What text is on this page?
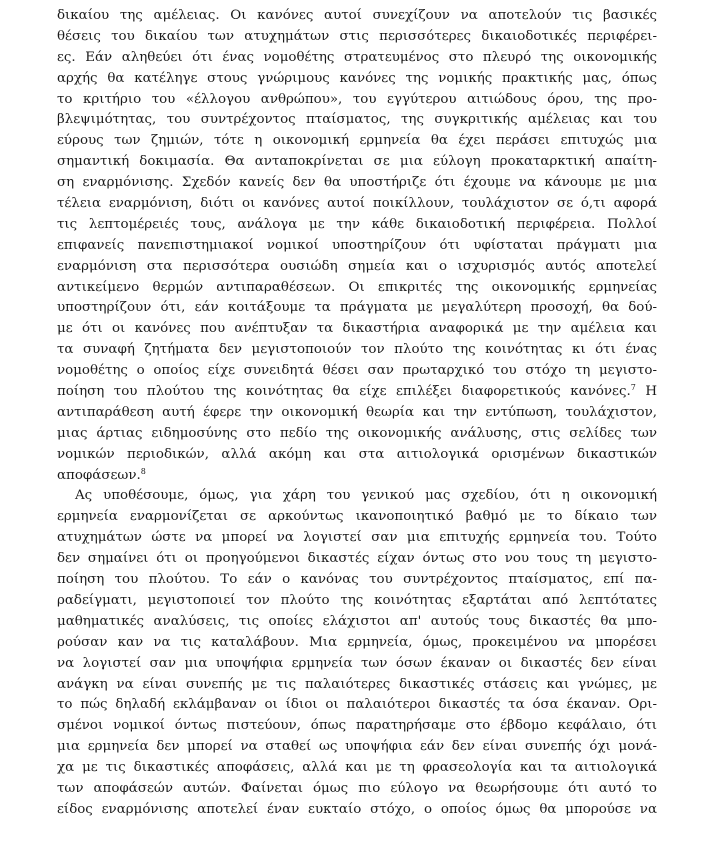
δικαίου της αμέλειας. Οι κανόνες αυτοί συνεχίζουν να αποτελούν τις βασικές
θέσεις του δικαίου των ατυχημάτων στις περισσότερες δικαιοδοτικές περιφέρει-
ες. Εάν αληθεύει ότι ένας νομοθέτης στρατευμένος στο πλευρό της οικονομικής
αρχής θα κατέληγε στους γνώριμους κανόνες της νομικής πρακτικής μας, όπως
το κριτήριο του «έλλογου ανθρώπου», του εγγύτερου αιτιώδους όρου, της προ-
βλεψιμότητας, του συντρέχοντος πταίσματος, της συγκριτικής αμέλειας και του
εύρους των ζημιών, τότε η οικονομική ερμηνεία θα έχει περάσει επιτυχώς μια
σημαντική δοκιμασία. Θα ανταποκρίνεται σε μια εύλογη προκαταρκτική απαίτη-
ση εναρμόνισης. Σχεδόν κανείς δεν θα υποστήριζε ότι έχουμε να κάνουμε με μια
τέλεια εναρμόνιση, διότι οι κανόνες αυτοί ποικίλλουν, τουλάχιστον σε ό,τι αφορά
τις λεπτομέρειές τους, ανάλογα με την κάθε δικαιοδοτική περιφέρεια. Πολλοί
επιφανείς πανεπιστημιακοί νομικοί υποστηρίζουν ότι υφίσταται πράγματι μια
εναρμόνιση στα περισσότερα ουσιώδη σημεία και ο ισχυρισμός αυτός αποτελεί
αντικείμενο θερμών αντιπαραθέσεων. Οι επικριτές της οικονομικής ερμηνείας
υποστηρίζουν ότι, εάν κοιτάξουμε τα πράγματα με μεγαλύτερη προσοχή, θα δού-
με ότι οι κανόνες που ανέπτυξαν τα δικαστήρια αναφορικά με την αμέλεια και
τα συναφή ζητήματα δεν μεγιστοποιούν τον πλούτο της κοινότητας κι ότι ένας
νομοθέτης ο οποίος είχε συνειδητά θέσει σαν πρωταρχικό του στόχο τη μεγιστο-
ποίηση του πλούτου της κοινότητας θα είχε επιλέξει διαφορετικούς κανόνες.$^7$ Η
αντιπαράθεση αυτή έφερε την οικονομική θεωρία και την εντύπωση, τουλάχιστον,
μιας άρτιας ειδημοσύνης στο πεδίο της οικονομικής ανάλυσης, στις σελίδες των
νομικών περιοδικών, αλλά ακόμη και στα αιτιολογικά ορισμένων δικαστικών
αποφάσεων.$^8$
Ας υποθέσουμε, όμως, για χάρη του γενικού μας σχεδίου, ότι η οικονομική
ερμηνεία εναρμονίζεται σε αρκούντως ικανοποιητικό βαθμό με το δίκαιο των
ατυχημάτων ώστε να μπορεί να λογιστεί σαν μια επιτυχής ερμηνεία του. Τούτο
δεν σημαίνει ότι οι προηγούμενοι δικαστές είχαν όντως στο νου τους τη μεγιστο-
ποίηση του πλούτου. Το εάν ο κανόνας του συντρέχοντος πταίσματος, επί πα-
ραδείγματι, μεγιστοποιεί τον πλούτο της κοινότητας εξαρτάται από λεπτότατες
μαθηματικές αναλύσεις, τις οποίες ελάχιστοι απ' αυτούς τους δικαστές θα μπο-
ρούσαν καν να τις καταλάβουν. Μια ερμηνεία, όμως, προκειμένου να μπορέσει
να λογιστεί σαν μια υποψήφια ερμηνεία των όσων έκαναν οι δικαστές δεν είναι
ανάγκη να είναι συνεπής με τις παλαιότερες δικαστικές στάσεις και γνώμες, με
το πώς δηλαδή εκλάμβαναν οι ίδιοι οι παλαιότεροι δικαστές τα όσα έκαναν. Ορι-
σμένοι νομικοί όντως πιστεύουν, όπως παρατηρήσαμε στο έβδομο κεφάλαιο, ότι
μια ερμηνεία δεν μπορεί να σταθεί ως υποψήφια εάν δεν είναι συνεπής όχι μονά-
χα με τις δικαστικές αποφάσεις, αλλά και με τη φρασεολογία και τα αιτιολογικά
των αποφάσεών αυτών. Φαίνεται όμως πιο εύλογο να θεωρήσουμε ότι αυτό το
είδος εναρμόνισης αποτελεί έναν ευκταίο στόχο, ο οποίος όμως θα μπορούσε να
